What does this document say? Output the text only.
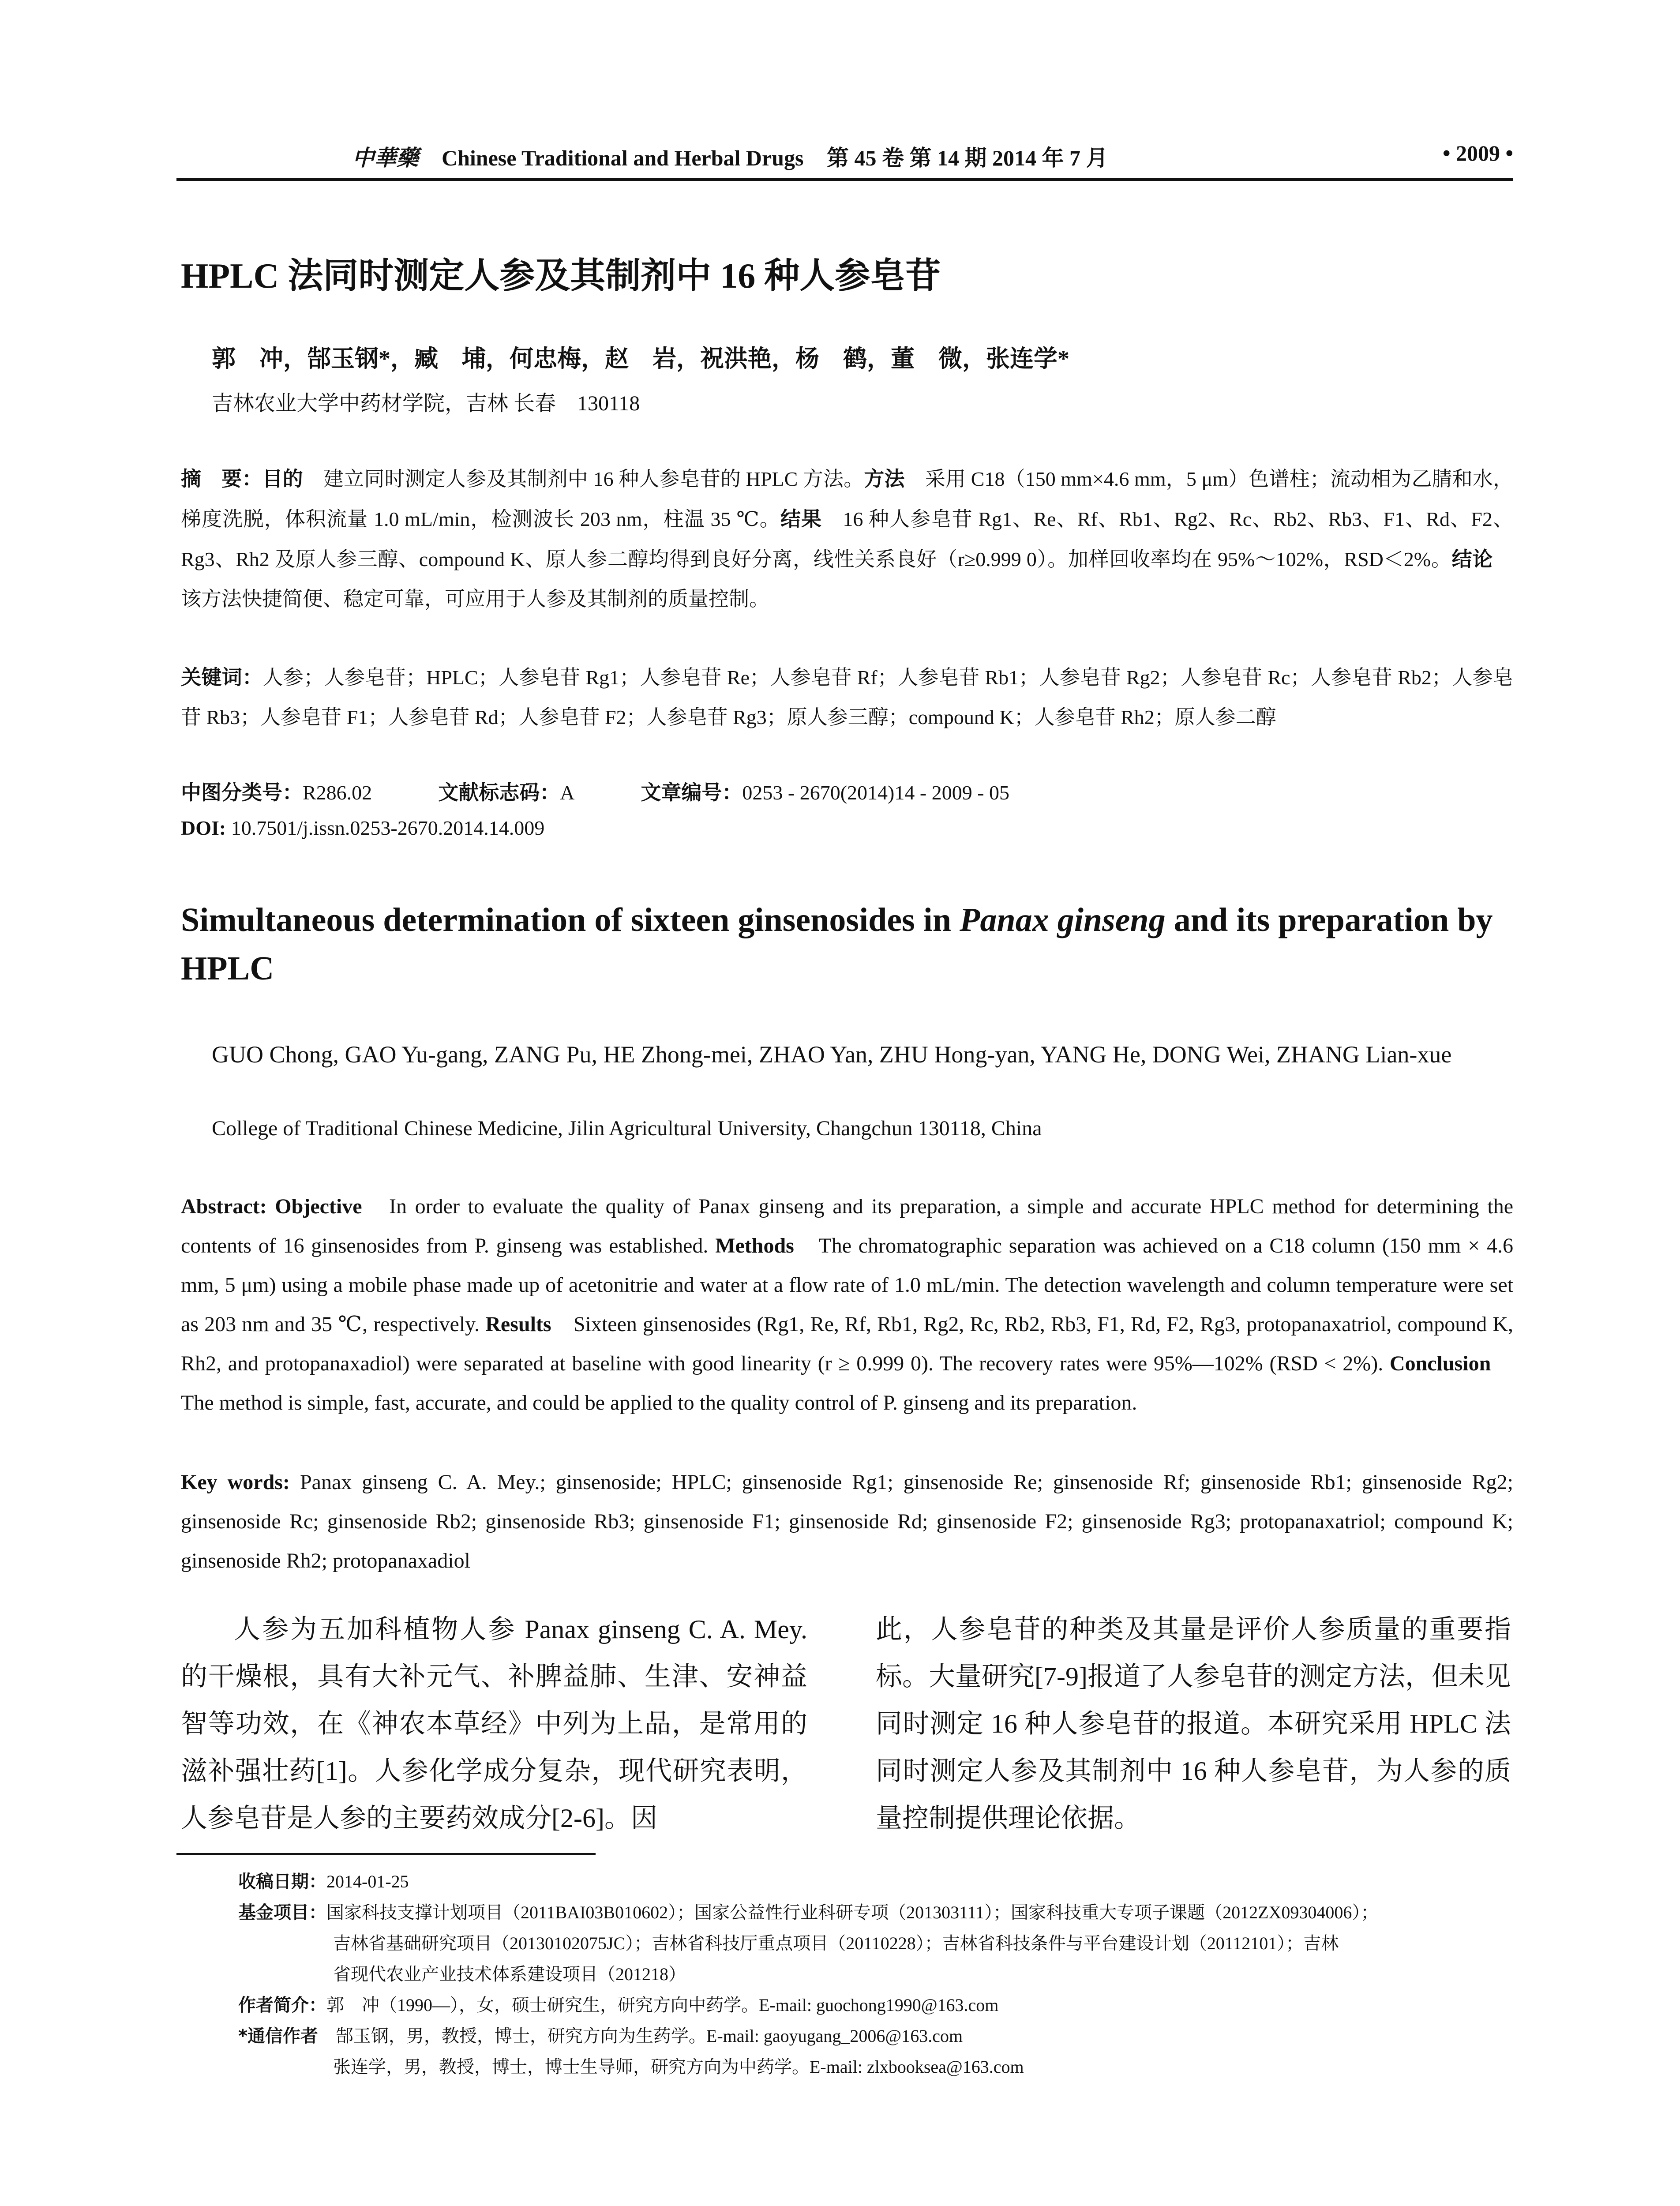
中華藥 Chinese Traditional and Herbal Drugs 第 45 卷 第 14 期 2014 年 7 月	• 2009 •
HPLC 法同时测定人参及其制剂中 16 种人参皂苷
郭　冲，郜玉钢*，臧　埔，何忠梅，赵　岩，祝洪艳，杨　鹤，董　微，张连学*
吉林农业大学中药材学院，吉林 长春　130118
摘　要：目的　建立同时测定人参及其制剂中 16 种人参皂苷的 HPLC 方法。方法　采用 C18（150 mm×4.6 mm，5 μm）色谱柱；流动相为乙腈和水，梯度洗脱，体积流量 1.0 mL/min，检测波长 203 nm，柱温 35 ℃。结果　16 种人参皂苷 Rg1、Re、Rf、Rb1、Rg2、Rc、Rb2、Rb3、F1、Rd、F2、Rg3、Rh2 及原人参三醇、compound K、原人参二醇均得到良好分离，线性关系良好（r≥0.999 0）。加样回收率均在 95%～102%，RSD＜2%。结论　该方法快捷简便、稳定可靠，可应用于人参及其制剂的质量控制。
关键词：人参；人参皂苷；HPLC；人参皂苷 Rg1；人参皂苷 Re；人参皂苷 Rf；人参皂苷 Rb1；人参皂苷 Rg2；人参皂苷 Rc；人参皂苷 Rb2；人参皂苷 Rb3；人参皂苷 F1；人参皂苷 Rd；人参皂苷 F2；人参皂苷 Rg3；原人参三醇；compound K；人参皂苷 Rh2；原人参二醇
中图分类号：R286.02	文献标志码：A	文章编号：0253 - 2670(2014)14 - 2009 - 05
DOI: 10.7501/j.issn.0253-2670.2014.14.009
Simultaneous determination of sixteen ginsenosides in Panax ginseng and its preparation by HPLC
GUO Chong, GAO Yu-gang, ZANG Pu, HE Zhong-mei, ZHAO Yan, ZHU Hong-yan, YANG He, DONG Wei, ZHANG Lian-xue
College of Traditional Chinese Medicine, Jilin Agricultural University, Changchun 130118, China
Abstract: Objective　In order to evaluate the quality of Panax ginseng and its preparation, a simple and accurate HPLC method for determining the contents of 16 ginsenosides from P. ginseng was established. Methods　The chromatographic separation was achieved on a C18 column (150 mm × 4.6 mm, 5 μm) using a mobile phase made up of acetonitrie and water at a flow rate of 1.0 mL/min. The detection wavelength and column temperature were set as 203 nm and 35 ℃, respectively. Results　Sixteen ginsenosides (Rg1, Re, Rf, Rb1, Rg2, Rc, Rb2, Rb3, F1, Rd, F2, Rg3, protopanaxatriol, compound K, Rh2, and protopanaxadiol) were separated at baseline with good linearity (r ≥ 0.999 0). The recovery rates were 95%—102% (RSD < 2%). Conclusion　The method is simple, fast, accurate, and could be applied to the quality control of P. ginseng and its preparation.
Key words: Panax ginseng C. A. Mey.; ginsenoside; HPLC; ginsenoside Rg1; ginsenoside Re; ginsenoside Rf; ginsenoside Rb1; ginsenoside Rg2; ginsenoside Rc; ginsenoside Rb2; ginsenoside Rb3; ginsenoside F1; ginsenoside Rd; ginsenoside F2; ginsenoside Rg3; protopanaxatriol; compound K; ginsenoside Rh2; protopanaxadiol
人参为五加科植物人参 Panax ginseng C. A. Mey. 的干燥根，具有大补元气、补脾益肺、生津、安神益智等功效，在《神农本草经》中列为上品，是常用的滋补强壮药[1]。人参化学成分复杂，现代研究表明，人参皂苷是人参的主要药效成分[2-6]。因
此，人参皂苷的种类及其量是评价人参质量的重要指标。大量研究[7-9]报道了人参皂苷的测定方法，但未见同时测定 16 种人参皂苷的报道。本研究采用 HPLC 法同时测定人参及其制剂中 16 种人参皂苷，为人参的质量控制提供理论依据。
收稿日期： 2014-01-25
基金项目： 国家科技支撑计划项目（2011BAI03B010602）；国家公益性行业科研专项（201303111）；国家科技重大专项子课题（2012ZX09304006）；
吉林省基础研究项目（20130102075JC）；吉林省科技厅重点项目（20110228）；吉林省科技条件与平台建设计划（20112101）；吉林
省现代农业产业技术体系建设项目（201218）
作者简介： 郭　冲（1990—），女，硕士研究生，研究方向中药学。E-mail: guochong1990@163.com
*通信作者 　郜玉钢，男，教授，博士，研究方向为生药学。E-mail: gaoyugang_2006@163.com
张连学，男，教授，博士，博士生导师，研究方向为中药学。E-mail: zlxbooksea@163.com
